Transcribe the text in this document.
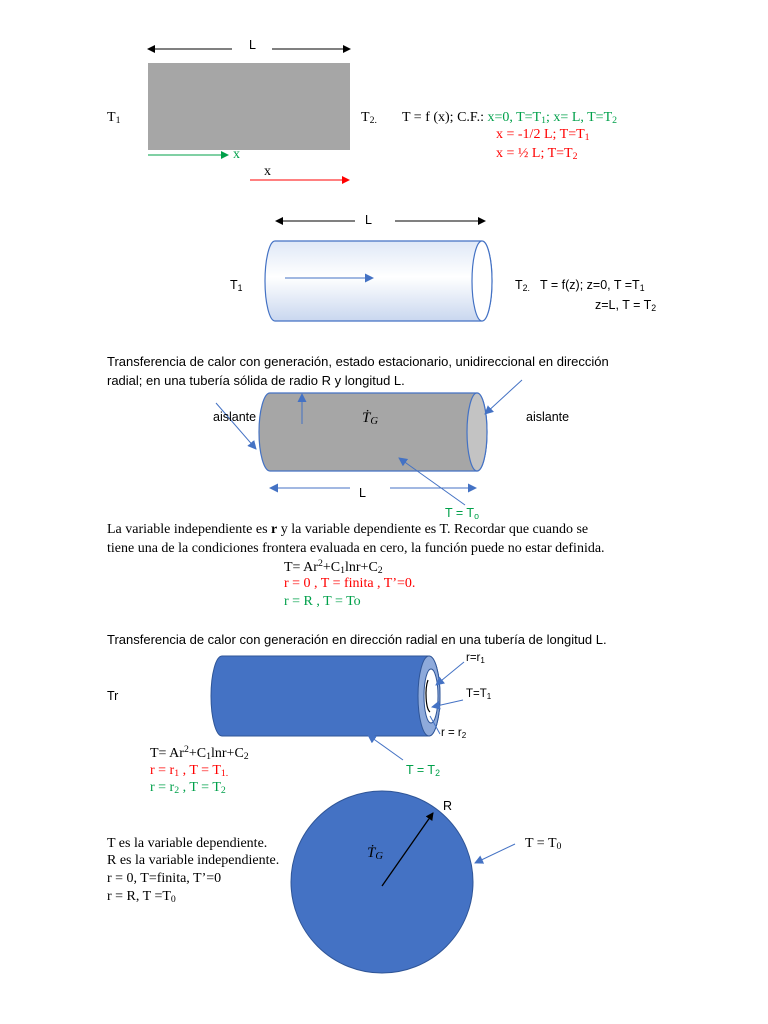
L
$T_1$	$T_{2.}$ T = f (x); C.F.: x=0, $T=T_1$; x= L, $T=T_2$
x = -1/2 L; $T=T_1$
x = ½ L; $T=T_2$
x
x
L
$T_1$	$T_{2.}$ T = f(z); z=0, $T =T_1$
z=L, $T = T_2$
Transferencia de calor con generación, estado estacionario, unidireccional en dirección
radial; en una tubería sólida de radio R y longitud L.
aislante	aislante
Ṫ$_G$
L
$T = T_o$
La variable independiente es r y la variable dependiente es T. Recordar que cuando se
tiene una de la condiciones frontera evaluada en cero, la función puede no estar definida.
$T= Ar^2+C_1\ln r+C_2$
r = 0 , T = finita , T’=0.
r = R , T = To
Transferencia de calor con generación en dirección radial en una tubería de longitud L.
Tr
$r=r_1$
$T=T_1$
$r = r_2$
$T = T_2$
$T= Ar^2+C_1\ln r+C_2$
$r = r_1$ , $T = T_{1.}$
$r = r_2$ , $T = T_2$
T es la variable dependiente.
R es la variable independiente.
r = 0, T=finita, T’=0
r = R, $T =T_0$
R
Ṫ$_G$
$T = T_0$
